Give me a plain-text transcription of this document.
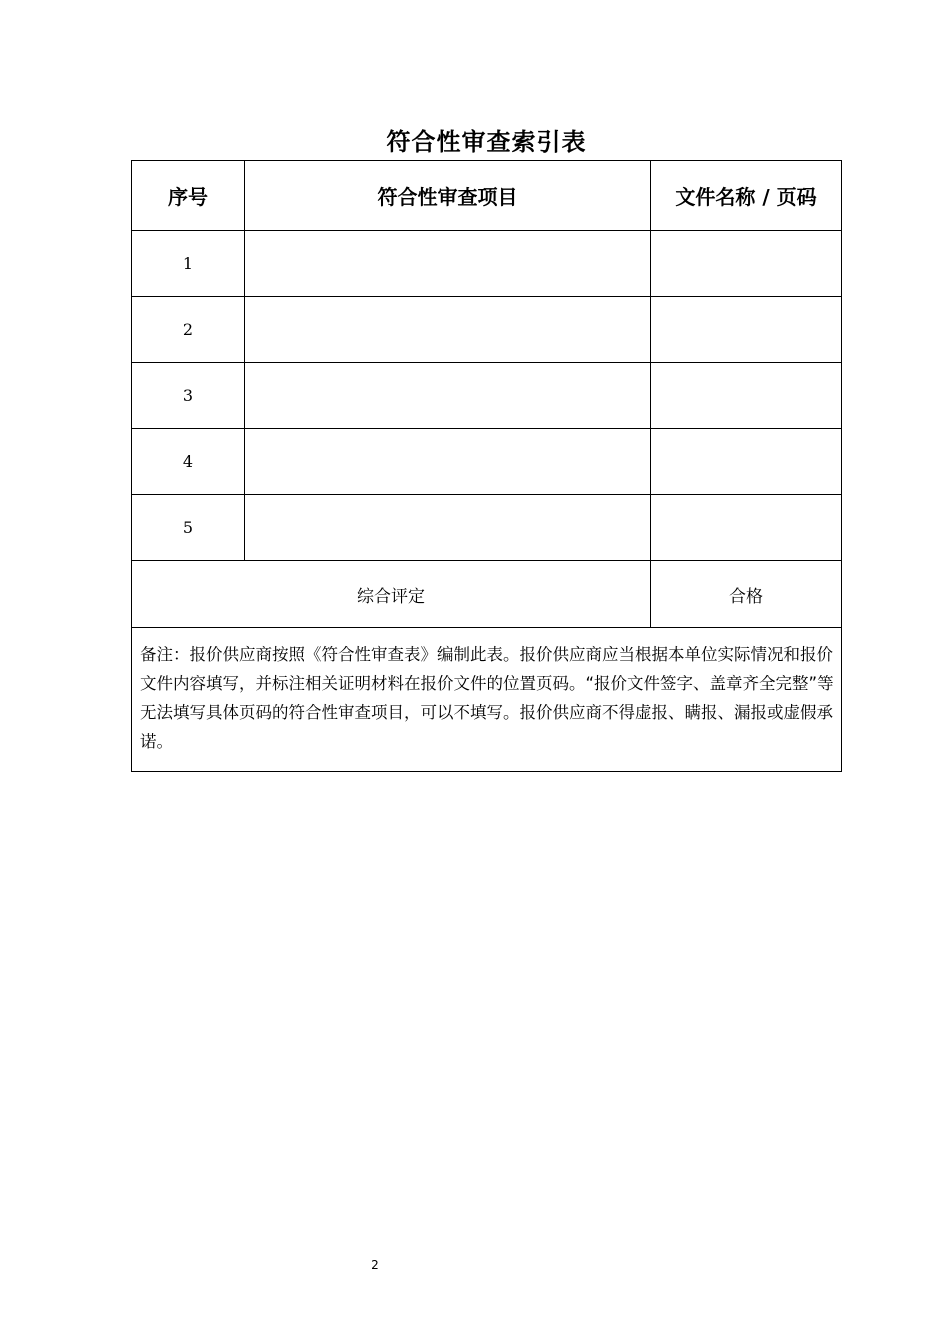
符合性审查索引表
序号	符合性审查项目	文件名称 / 页码
1		
2		
3		
4		
5		
综合评定		合格
备注：报价供应商按照《符合性审查表》编制此表。报价供应商应当根据本单位实际情况和报价文件内容填写，并标注相关证明材料在报价文件的位置页码。“报价文件签字、盖章齐全完整”等无法填写具体页码的符合性审查项目，可以不填写。报价供应商不得虚报、瞒报、漏报或虚假承诺。		
2
